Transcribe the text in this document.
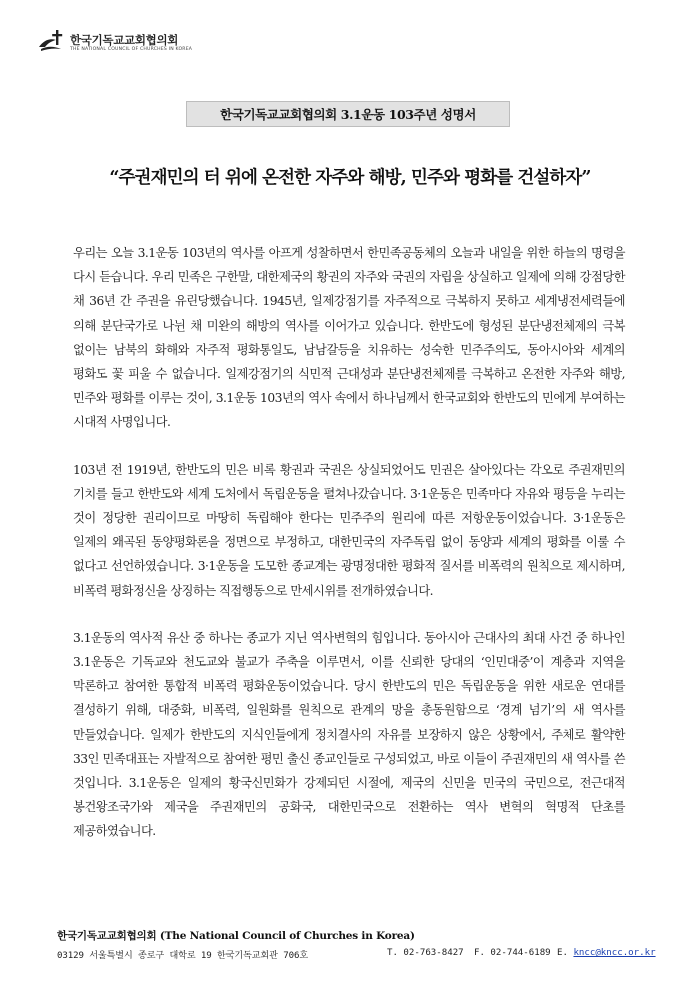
한국기독교교회협의회
THE NATIONAL COUNCIL OF CHURCHES IN KOREA
한국기독교교회협의회 3.1운동 103주년 성명서
“주권재민의 터 위에 온전한 자주와 해방, 민주와 평화를 건설하자”

우리는 오늘 3.1운동 103년의 역사를 아프게 성찰하면서 한민족공동체의 오늘과 내일을 위한 하늘의 명령을 다시 듣습니다. 우리 민족은 구한말, 대한제국의 황권의 자주와 국권의 자립을 상실하고 일제에 의해 강점당한 채 36년 간 주권을 유린당했습니다. 1945년, 일제강점기를 자주적으로 극복하지 못하고 세계냉전세력들에 의해 분단국가로 나뉜 채 미완의 해방의 역사를 이어가고 있습니다. 한반도에 형성된 분단냉전체제의 극복 없이는 남북의 화해와 자주적 평화통일도, 남남갈등을 치유하는 성숙한 민주주의도, 동아시아와 세계의 평화도 꽃 피울 수 없습니다. 일제강점기의 식민적 근대성과 분단냉전체제를 극복하고 온전한 자주와 해방, 민주와 평화를 이루는 것이, 3.1운동 103년의 역사 속에서 하나님께서 한국교회와 한반도의 민에게 부여하는 시대적 사명입니다.

103년 전 1919년, 한반도의 민은 비록 황권과 국권은 상실되었어도 민권은 살아있다는 각오로 주권재민의 기치를 들고 한반도와 세계 도처에서 독립운동을 펼쳐나갔습니다. 3·1운동은 민족마다 자유와 평등을 누리는 것이 정당한 권리이므로 마땅히 독립해야 한다는 민주주의 원리에 따른 저항운동이었습니다. 3·1운동은 일제의 왜곡된 동양평화론을 정면으로 부정하고, 대한민국의 자주독립 없이 동양과 세계의 평화를 이룰 수 없다고 선언하였습니다. 3·1운동을 도모한 종교계는 광명정대한 평화적 질서를 비폭력의 원칙으로 제시하며, 비폭력 평화정신을 상징하는 직접행동으로 만세시위를 전개하였습니다.

3.1운동의 역사적 유산 중 하나는 종교가 지닌 역사변혁의 힘입니다. 동아시아 근대사의 최대 사건 중 하나인 3.1운동은 기독교와 천도교와 불교가 주축을 이루면서, 이를 신뢰한 당대의 ‘인민대중’이 계층과 지역을 막론하고 참여한 통합적 비폭력 평화운동이었습니다. 당시 한반도의 민은 독립운동을 위한 새로운 연대를 결성하기 위해, 대중화, 비폭력, 일원화를 원칙으로 관계의 망을 총동원함으로 ‘경계 넘기’의 새 역사를 만들었습니다. 일제가 한반도의 지식인들에게 정치결사의 자유를 보장하지 않은 상황에서, 주체로 활약한 33인 민족대표는 자발적으로 참여한 평민 출신 종교인들로 구성되었고, 바로 이들이 주권재민의 새 역사를 쓴 것입니다. 3.1운동은 일제의 황국신민화가 강제되던 시절에, 제국의 신민을 민국의 국민으로, 전근대적 봉건왕조국가와 제국을 주권재민의 공화국, 대한민국으로 전환하는 역사 변혁의 혁명적 단초를 제공하였습니다.

한국기독교교회협의회 (The National Council of Churches in Korea)
03129 서울특별시 종로구 대학로 19 한국기독교회관 706호	T. 02-763-8427 F. 02-744-6189 E. kncc@kncc.or.kr
